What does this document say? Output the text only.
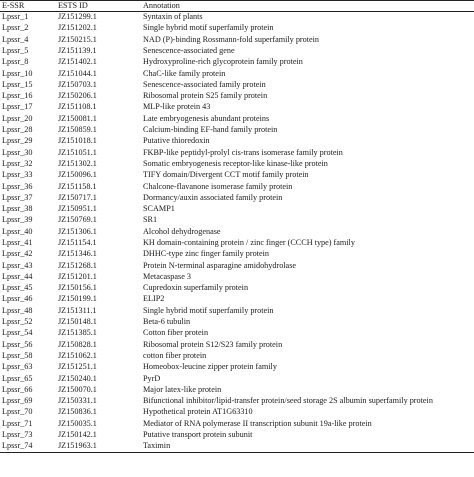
E-SSR	ESTS ID	Annotation
Lpssr_1	JZ151299.1	Syntaxin of plants
Lpssr_2	JZ151202.1	Single hybrid motif superfamily protein
Lpssr_4	JZ150215.1	NAD (P)-binding Rossmann-fold superfamily protein
Lpssr_5	JZ151139.1	Senescence-associated gene
Lpssr_8	JZ151402.1	Hydroxyproline-rich glycoprotein family protein
Lpssr_10	JZ151044.1	ChaC-like family protein
Lpssr_15	JZ150703.1	Senescence-associated family protein
Lpssr_16	JZ150206.1	Ribosomal protein S25 family protein
Lpssr_17	JZ151108.1	MLP-like protein 43
Lpssr_20	JZ150081.1	Late embryogenesis abundant proteins
Lpssr_28	JZ150859.1	Calcium-binding EF-hand family protein
Lpssr_29	JZ151018.1	Putative thioredoxin
Lpssr_30	JZ151051.1	FKBP-like peptidyl-prolyl cis-trans isomerase family protein
Lpssr_32	JZ151302.1	Somatic embryogenesis receptor-like kinase-like protein
Lpssr_33	JZ150096.1	TIFY domain/Divergent CCT motif family protein
Lpssr_36	JZ151158.1	Chalcone-flavanone isomerase family protein
Lpssr_37	JZ150717.1	Dormancy/auxin associated family protein
Lpssr_38	JZ150951.1	SCAMP1
Lpssr_39	JZ150769.1	SR1
Lpssr_40	JZ151306.1	Alcohol dehydrogenase
Lpssr_41	JZ151154.1	KH domain-containing protein / zinc finger (CCCH type) family
Lpssr_42	JZ151346.1	DHHC-type zinc finger family protein
Lpssr_43	JZ151268.1	Protein N-terminal asparagine amidohydrolase
Lpssr_44	JZ151201.1	Metacaspase 3
Lpssr_45	JZ150156.1	Cupredoxin superfamily protein
Lpssr_46	JZ150199.1	ELIP2
Lpssr_48	JZ151311.1	Single hybrid motif superfamily protein
Lpssr_52	JZ150148.1	Beta-6 tubulin
Lpssr_54	JZ151385.1	Cotton fiber protein
Lpssr_56	JZ150828.1	Ribosomal protein S12/S23 family protein
Lpssr_58	JZ151062.1	cotton fiber protein
Lpssr_63	JZ151251.1	Homeobox-leucine zipper protein family
Lpssr_65	JZ150240.1	PyrD
Lpssr_66	JZ150070.1	Major latex-like protein
Lpssr_69	JZ150331.1	Bifunctional inhibitor/lipid-transfer protein/seed storage 2S albumin superfamily protein
Lpssr_70	JZ150836.1	Hypothetical protein AT1G63310
Lpssr_71	JZ150035.1	Mediator of RNA polymerase II transcription subunit 19a-like protein
Lpssr_73	JZ150142.1	Putative transport protein subunit
Lpssr_74	JZ151963.1	Taximin
